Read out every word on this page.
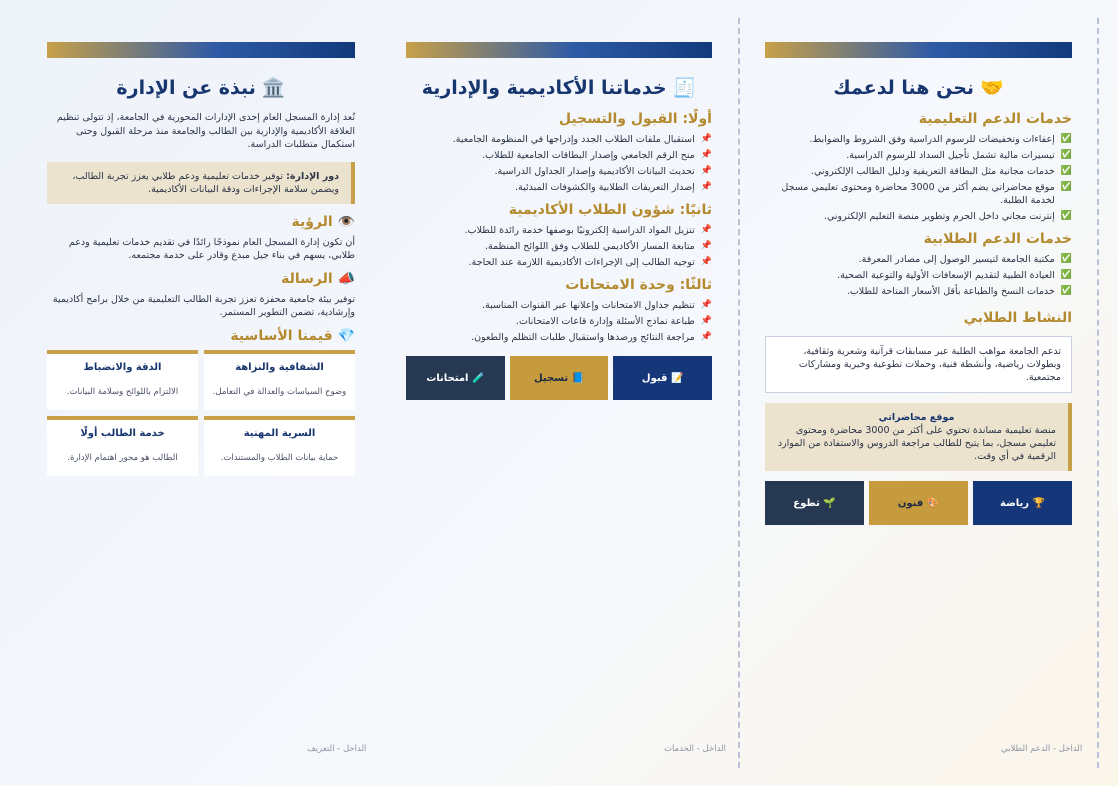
🤝نحن هنا لدعمك
خدمات الدعم التعليمية
✅
إعفاءات وتخفيضات للرسوم الدراسية وفق الشروط والضوابط.
✅
تيسيرات مالية تشمل تأجيل السداد للرسوم الدراسية.
✅
خدمات مجانية مثل البطاقة التعريفية ودليل الطالب الإلكتروني.
✅
موقع محاضراتي يضم أكثر من 3000 محاضرة ومحتوى تعليمي مسجل لخدمة الطلبة.
✅
إنترنت مجاني داخل الحرم وتطوير منصة التعليم الإلكتروني.
خدمات الدعم الطلابية
✅
مكتبة الجامعة لتيسير الوصول إلى مصادر المعرفة.
✅
العيادة الطبية لتقديم الإسعافات الأولية والتوعية الصحية.
✅
خدمات النسخ والطباعة بأقل الأسعار المتاحة للطلاب.
النشاط الطلابي
تدعم الجامعة مواهب الطلبة عبر مسابقات قرآنية وشعرية وثقافية، وبطولات رياضية، وأنشطة فنية، وحملات تطوعية وخيرية ومشاركات مجتمعية.
موقع محاضراتي
منصة تعليمية مساندة تحتوي على أكثر من 3000 محاضرة ومحتوى تعليمي مسجل، بما يتيح للطالب مراجعة الدروس والاستفادة من الموارد الرقمية في أي وقت.
🏆 رياضة
🎨 فنون
🌱 تطوع
🧾خدماتنا الأكاديمية والإدارية
أولًا: القبول والتسجيل
📌
استقبال ملفات الطلاب الجدد وإدراجها في المنظومة الجامعية.
📌
منح الرقم الجامعي وإصدار البطاقات الجامعية للطلاب.
📌
تحديث البيانات الأكاديمية وإصدار الجداول الدراسية.
📌
إصدار التعريفات الطلابية والكشوفات المبدئية.
ثانيًا: شؤون الطلاب الأكاديمية
📌
تنزيل المواد الدراسية إلكترونيًا بوصفها خدمة رائدة للطلاب.
📌
متابعة المسار الأكاديمي للطلاب وفق اللوائح المنظمة.
📌
توجيه الطالب إلى الإجراءات الأكاديمية اللازمة عند الحاجة.
ثالثًا: وحدة الامتحانات
📌
تنظيم جداول الامتحانات وإعلانها عبر القنوات المناسبة.
📌
طباعة نماذج الأسئلة وإدارة قاعات الامتحانات.
📌
مراجعة النتائج ورصدها واستقبال طلبات التظلم والطعون.
📝 قبول
📘 تسجيل
🧪 امتحانات
🏛️نبذة عن الإدارة

تُعد إدارة المسجل العام إحدى الإدارات المحورية في الجامعة، إذ تتولى تنظيم العلاقة الأكاديمية والإدارية بين الطالب والجامعة منذ مرحلة القبول وحتى استكمال متطلبات الدراسة.

دور الإدارة: توفير خدمات تعليمية ودعم طلابي يعزز تجربة الطالب، ويضمن سلامة الإجراءات ودقة البيانات الأكاديمية.
👁️ الرؤية

أن تكون إدارة المسجل العام نموذجًا رائدًا في تقديم خدمات تعليمية ودعم طلابي، يسهم في بناء جيل مبدع وقادر على خدمة مجتمعه.

📣 الرسالة

توفير بيئة جامعية محفزة تعزز تجربة الطالب التعليمية من خلال برامج أكاديمية وإرشادية، تضمن التطوير المستمر.

💎 قيمنا الأساسية
الشفافية والنزاهة
وضوح السياسات والعدالة في التعامل.
الدقة والانضباط
الالتزام باللوائح وسلامة البيانات.
السرية المهنية
حماية بيانات الطلاب والمستندات.
خدمة الطالب أولًا
الطالب هو محور اهتمام الإدارة.
الداخل - الدعم الطلابي
الداخل - الخدمات
الداخل - التعريف
